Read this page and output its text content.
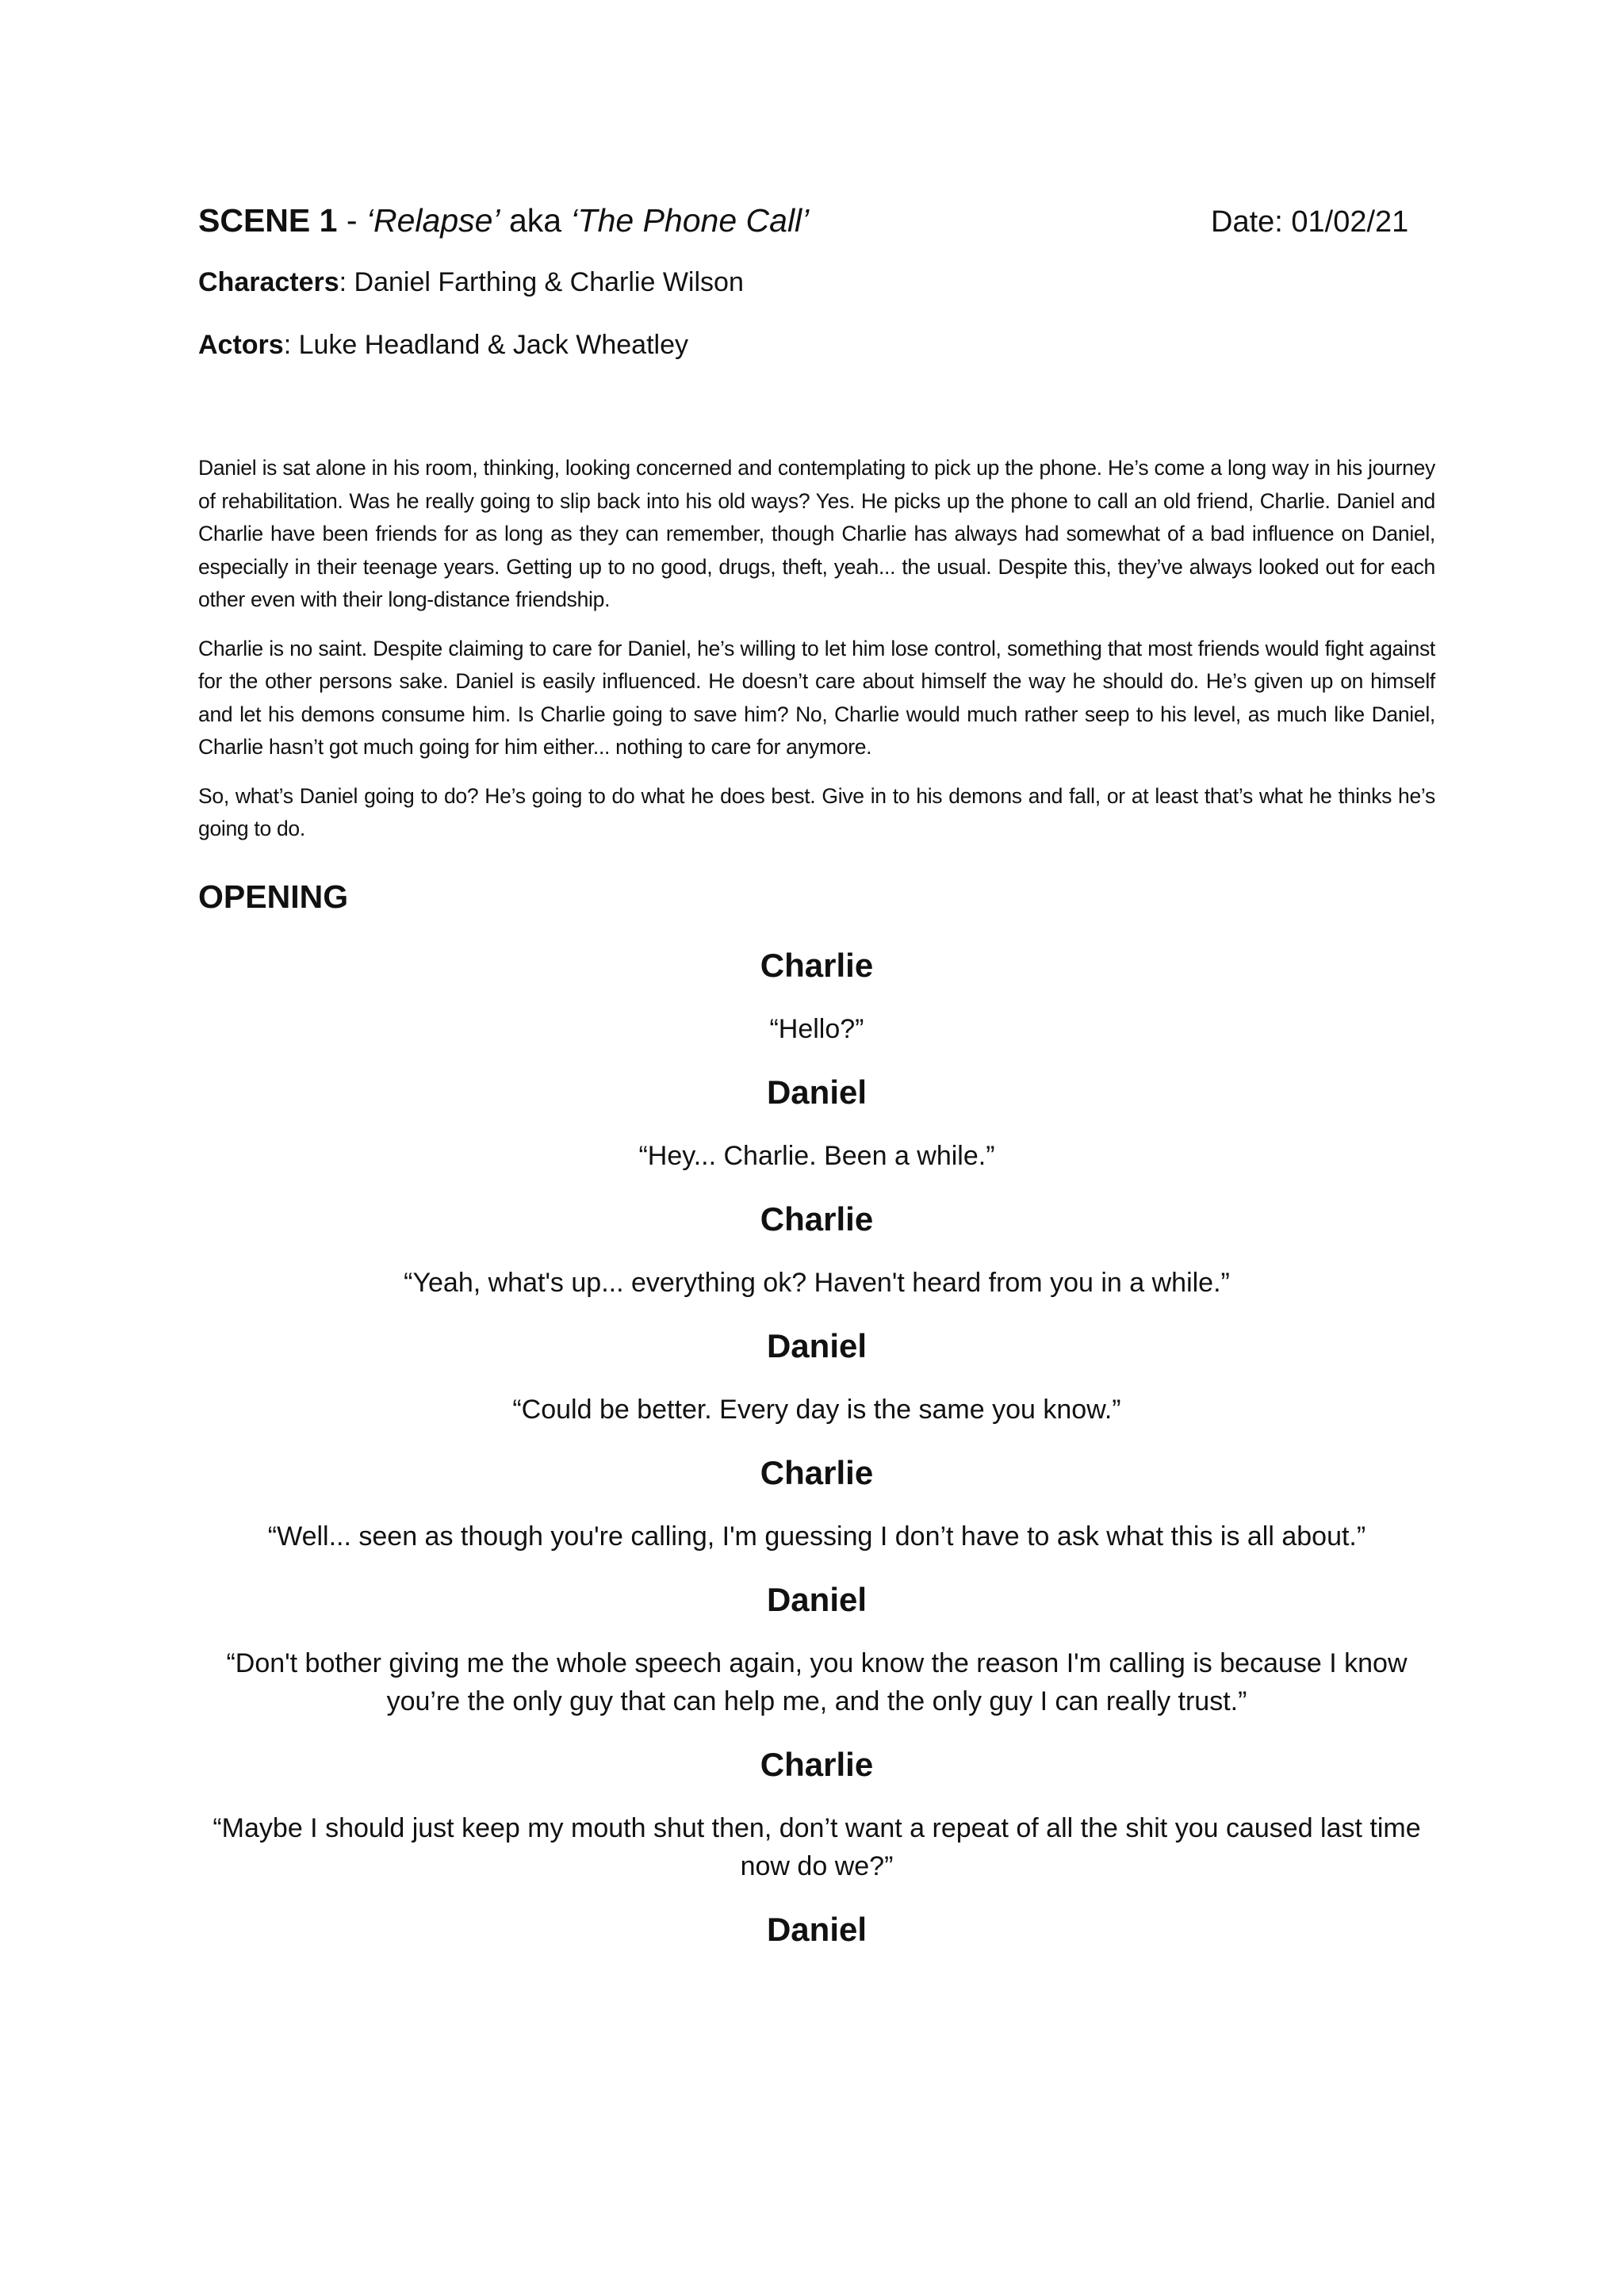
SCENE 1 - ‘Relapse’ aka ‘The Phone Call’	Date: 01/02/21

Characters: Daniel Farthing & Charlie Wilson

Actors: Luke Headland & Jack Wheatley

Daniel is sat alone in his room, thinking, looking concerned and contemplating to pick up the phone. He’s come a long way in his journey of rehabilitation. Was he really going to slip back into his old ways? Yes. He picks up the phone to call an old friend, Charlie. Daniel and Charlie have been friends for as long as they can remember, though Charlie has always had somewhat of a bad influence on Daniel, especially in their teenage years. Getting up to no good, drugs, theft, yeah... the usual. Despite this, they’ve always looked out for each other even with their long-distance friendship.

Charlie is no saint. Despite claiming to care for Daniel, he’s willing to let him lose control, something that most friends would fight against for the other persons sake. Daniel is easily influenced. He doesn’t care about himself the way he should do. He’s given up on himself and let his demons consume him. Is Charlie going to save him? No, Charlie would much rather seep to his level, as much like Daniel, Charlie hasn’t got much going for him either... nothing to care for anymore.

So, what’s Daniel going to do? He’s going to do what he does best. Give in to his demons and fall, or at least that’s what he thinks he’s going to do.

OPENING
Charlie
“Hello?”
Daniel
“Hey... Charlie. Been a while.”
Charlie
“Yeah, what's up... everything ok? Haven't heard from you in a while.”
Daniel
“Could be better. Every day is the same you know.”
Charlie
“Well... seen as though you're calling, I'm guessing I don’t have to ask what this is all about.”
Daniel
“Don't bother giving me the whole speech again, you know the reason I'm calling is because I know you’re the only guy that can help me, and the only guy I can really trust.”
Charlie
“Maybe I should just keep my mouth shut then, don’t want a repeat of all the shit you caused last time now do we?”
Daniel
